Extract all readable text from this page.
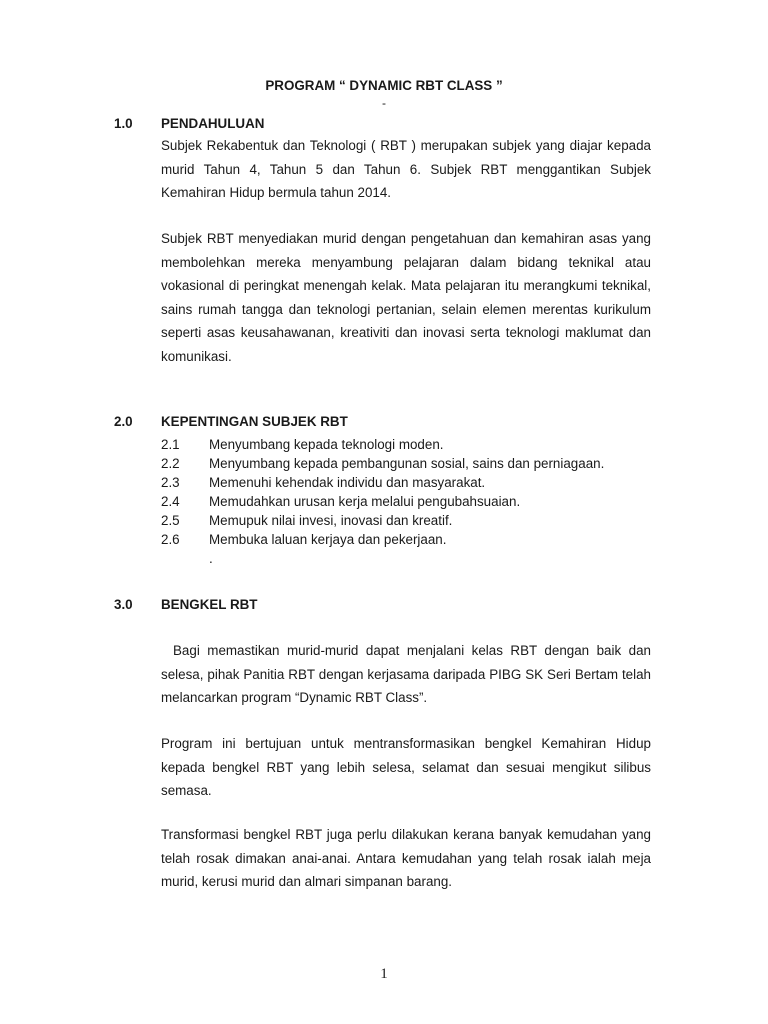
PROGRAM “ DYNAMIC RBT CLASS ”
-
1.0 PENDAHULUAN
Subjek Rekabentuk dan Teknologi ( RBT ) merupakan subjek yang diajar kepada murid Tahun 4, Tahun 5 dan Tahun 6. Subjek RBT menggantikan Subjek Kemahiran Hidup bermula tahun 2014.
Subjek RBT menyediakan murid dengan pengetahuan dan kemahiran asas yang membolehkan mereka menyambung pelajaran dalam bidang teknikal atau vokasional di peringkat menengah kelak. Mata pelajaran itu merangkumi teknikal, sains rumah tangga dan teknologi pertanian, selain elemen merentas kurikulum seperti asas keusahawanan, kreativiti dan inovasi serta teknologi maklumat dan komunikasi.
2.0 KEPENTINGAN SUBJEK RBT
2.1 Menyumbang kepada teknologi moden.
2.2 Menyumbang kepada pembangunan sosial, sains dan perniagaan.
2.3 Memenuhi kehendak individu dan masyarakat.
2.4 Memudahkan urusan kerja melalui pengubahsuaian.
2.5 Memupuk nilai invesi, inovasi dan kreatif.
2.6 Membuka laluan kerjaya dan pekerjaan.
.
3.0 BENGKEL RBT
Bagi memastikan murid-murid dapat menjalani kelas RBT dengan baik dan selesa, pihak Panitia RBT dengan kerjasama daripada PIBG SK Seri Bertam telah melancarkan program “Dynamic RBT Class”.
Program ini bertujuan untuk mentransformasikan bengkel Kemahiran Hidup kepada bengkel RBT yang lebih selesa, selamat dan sesuai mengikut silibus semasa.
Transformasi bengkel RBT juga perlu dilakukan kerana banyak kemudahan yang telah rosak dimakan anai-anai. Antara kemudahan yang telah rosak ialah meja murid, kerusi murid dan almari simpanan barang.
1
